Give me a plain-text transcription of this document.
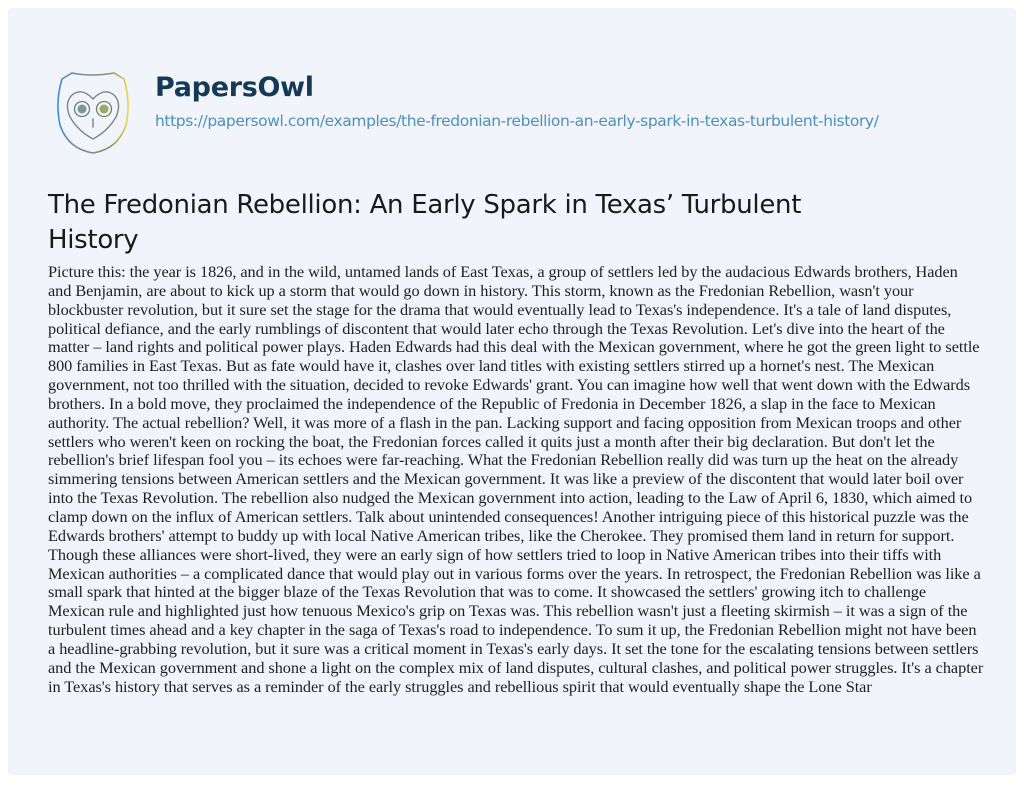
PapersOwl
https://papersowl.com/examples/the-fredonian-rebellion-an-early-spark-in-texas-turbulent-history/
The Fredonian Rebellion: An Early Spark in Texas’ Turbulent History

Picture this: the year is 1826, and in the wild, untamed lands of East Texas, a group of settlers led by the audacious Edwards brothers, Haden and Benjamin, are about to kick up a storm that would go down in history. This storm, known as the Fredonian Rebellion, wasn't your blockbuster revolution, but it sure set the stage for the drama that would eventually lead to Texas's independence. It's a tale of land disputes, political defiance, and the early rumblings of discontent that would later echo through the Texas Revolution. Let's dive into the heart of the matter – land rights and political power plays. Haden Edwards had this deal with the Mexican government, where he got the green light to settle 800 families in East Texas. But as fate would have it, clashes over land titles with existing settlers stirred up a hornet's nest. The Mexican government, not too thrilled with the situation, decided to revoke Edwards' grant. You can imagine how well that went down with the Edwards brothers. In a bold move, they proclaimed the independence of the Republic of Fredonia in December 1826, a slap in the face to Mexican authority. The actual rebellion? Well, it was more of a flash in the pan. Lacking support and facing opposition from Mexican troops and other settlers who weren't keen on rocking the boat, the Fredonian forces called it quits just a month after their big declaration. But don't let the rebellion's brief lifespan fool you – its echoes were far-reaching. What the Fredonian Rebellion really did was turn up the heat on the already simmering tensions between American settlers and the Mexican government. It was like a preview of the discontent that would later boil over into the Texas Revolution. The rebellion also nudged the Mexican government into action, leading to the Law of April 6, 1830, which aimed to clamp down on the influx of American settlers. Talk about unintended consequences! Another intriguing piece of this historical puzzle was the Edwards brothers' attempt to buddy up with local Native American tribes, like the Cherokee. They promised them land in return for support. Though these alliances were short-lived, they were an early sign of how settlers tried to loop in Native American tribes into their tiffs with Mexican authorities – a complicated dance that would play out in various forms over the years. In retrospect, the Fredonian Rebellion was like a small spark that hinted at the bigger blaze of the Texas Revolution that was to come. It showcased the settlers' growing itch to challenge Mexican rule and highlighted just how tenuous Mexico's grip on Texas was. This rebellion wasn't just a fleeting skirmish – it was a sign of the turbulent times ahead and a key chapter in the saga of Texas's road to independence. To sum it up, the Fredonian Rebellion might not have been a headline-grabbing revolution, but it sure was a critical moment in Texas's early days. It set the tone for the escalating tensions between settlers and the Mexican government and shone a light on the complex mix of land disputes, cultural clashes, and political power struggles. It's a chapter in Texas's history that serves as a reminder of the early struggles and rebellious spirit that would eventually shape the Lone Star
